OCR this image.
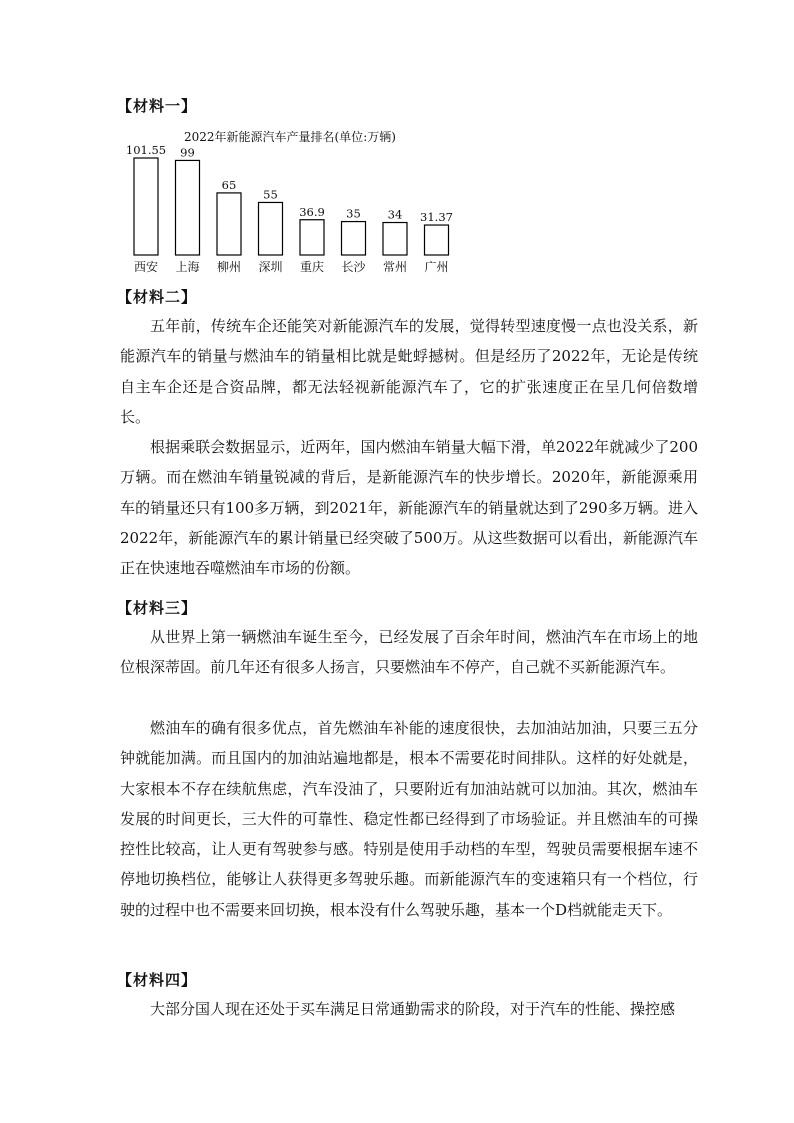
【材料一】
2022年新能源汽车产量排名(单位:万辆)
101.55
西安
99
上海
65
柳州
55
深圳
36.9
重庆
35
长沙
34
常州
31.37
广州
【材料二】

五年前，传统车企还能笑对新能源汽车的发展，觉得转型速度慢一点也没关系，新能源汽车的销量与燃油车的销量相比就是蚍蜉撼树。但是经历了2022年，无论是传统自主车企还是合资品牌，都无法轻视新能源汽车了，它的扩张速度正在呈几何倍数增长。

根据乘联会数据显示，近两年，国内燃油车销量大幅下滑，单2022年就减少了200万辆。而在燃油车销量锐减的背后，是新能源汽车的快步增长。2020年，新能源乘用车的销量还只有100多万辆，到2021年，新能源汽车的销量就达到了290多万辆。进入2022年，新能源汽车的累计销量已经突破了500万。从这些数据可以看出，新能源汽车正在快速地吞噬燃油车市场的份额。

【材料三】

从世界上第一辆燃油车诞生至今，已经发展了百余年时间，燃油汽车在市场上的地位根深蒂固。前几年还有很多人扬言，只要燃油车不停产，自己就不买新能源汽车。

燃油车的确有很多优点，首先燃油车补能的速度很快，去加油站加油，只要三五分钟就能加满。而且国内的加油站遍地都是，根本不需要花时间排队。这样的好处就是，大家根本不存在续航焦虑，汽车没油了，只要附近有加油站就可以加油。其次，燃油车发展的时间更长，三大件的可靠性、稳定性都已经得到了市场验证。并且燃油车的可操控性比较高，让人更有驾驶参与感。特别是使用手动档的车型，驾驶员需要根据车速不停地切换档位，能够让人获得更多驾驶乐趣。而新能源汽车的变速箱只有一个档位，行驶的过程中也不需要来回切换，根本没有什么驾驶乐趣，基本一个D档就能走天下。

【材料四】

大部分国人现在还处于买车满足日常通勤需求的阶段，对于汽车的性能、操控感
